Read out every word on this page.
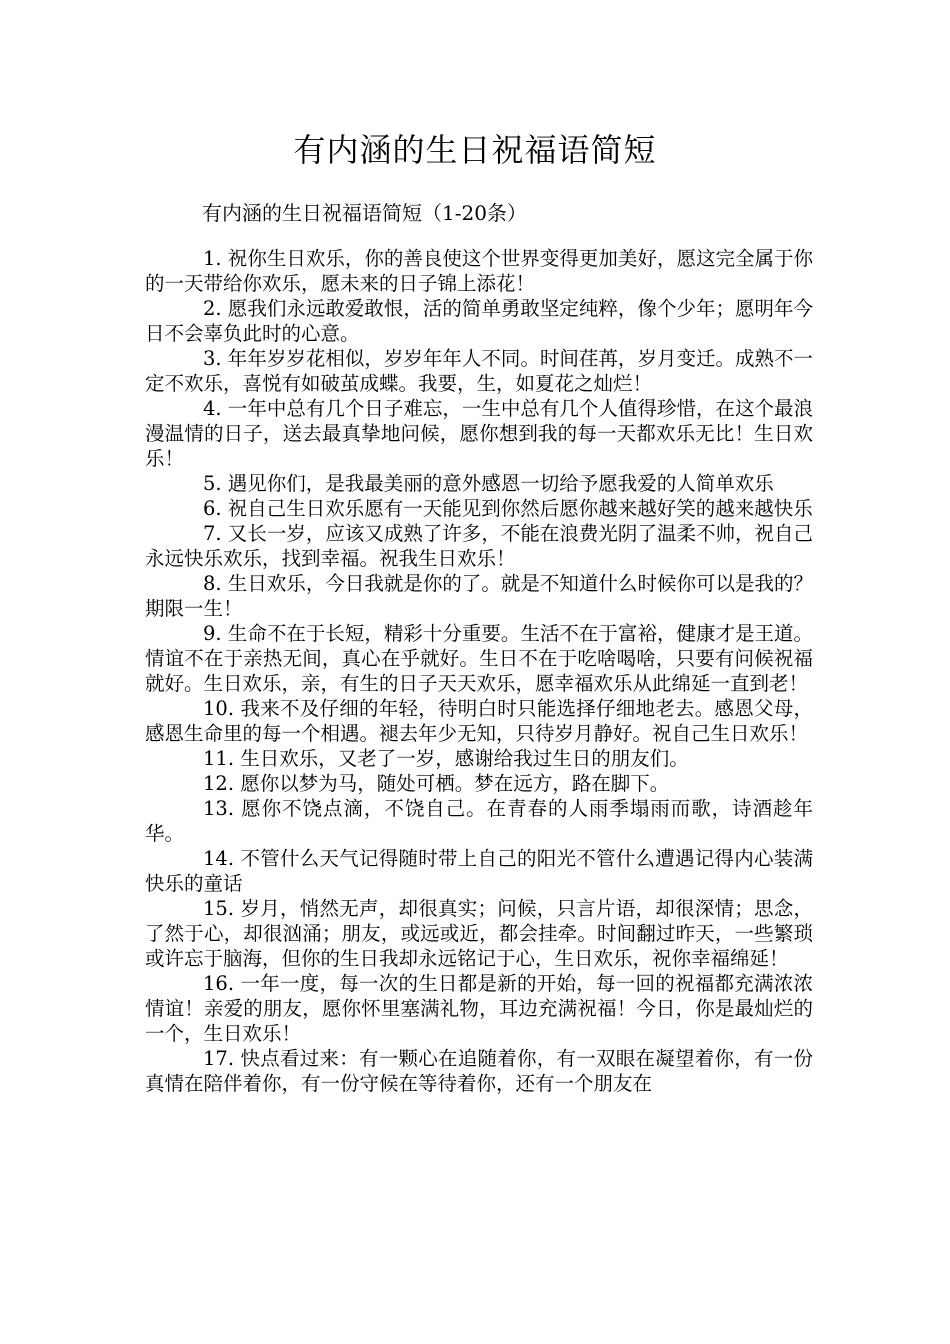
有内涵的生日祝福语简短

有内涵的生日祝福语简短（1-20条）

1. 祝你生日欢乐，你的善良使这个世界变得更加美好，愿这完全属于你的一天带给你欢乐，愿未来的日子锦上添花！

2. 愿我们永远敢爱敢恨，活的简单勇敢坚定纯粹，像个少年；愿明年今日不会辜负此时的心意。

3. 年年岁岁花相似，岁岁年年人不同。时间荏苒，岁月变迁。成熟不一定不欢乐，喜悦有如破茧成蝶。我要，生，如夏花之灿烂！

4. 一年中总有几个日子难忘，一生中总有几个人值得珍惜，在这个最浪漫温情的日子，送去最真挚地问候，愿你想到我的每一天都欢乐无比！生日欢乐！

5. 遇见你们，是我最美丽的意外感恩一切给予愿我爱的人简单欢乐

6. 祝自己生日欢乐愿有一天能见到你然后愿你越来越好笑的越来越快乐

7. 又长一岁，应该又成熟了许多，不能在浪费光阴了温柔不帅，祝自己永远快乐欢乐，找到幸福。祝我生日欢乐！

8. 生日欢乐，今日我就是你的了。就是不知道什么时候你可以是我的？期限一生！

9. 生命不在于长短，精彩十分重要。生活不在于富裕，健康才是王道。情谊不在于亲热无间，真心在乎就好。生日不在于吃啥喝啥，只要有问候祝福就好。生日欢乐，亲，有生的日子天天欢乐，愿幸福欢乐从此绵延一直到老！

10. 我来不及仔细的年轻，待明白时只能选择仔细地老去。感恩父母，感恩生命里的每一个相遇。褪去年少无知，只待岁月静好。祝自己生日欢乐！

11. 生日欢乐，又老了一岁，感谢给我过生日的朋友们。

12. 愿你以梦为马，随处可栖。梦在远方，路在脚下。

13. 愿你不饶点滴，不饶自己。在青春的人雨季塌雨而歌，诗酒趁年华。

14. 不管什么天气记得随时带上自己的阳光不管什么遭遇记得内心装满快乐的童话

15. 岁月，悄然无声，却很真实；问候，只言片语，却很深情；思念，了然于心，却很汹涌；朋友，或远或近，都会挂牵。时间翻过昨天，一些繁琐或许忘于脑海，但你的生日我却永远铭记于心，生日欢乐，祝你幸福绵延！

16. 一年一度，每一次的生日都是新的开始，每一回的祝福都充满浓浓情谊！亲爱的朋友，愿你怀里塞满礼物，耳边充满祝福！今日，你是最灿烂的一个，生日欢乐！

17. 快点看过来：有一颗心在追随着你，有一双眼在凝望着你，有一份真情在陪伴着你，有一份守候在等待着你，还有一个朋友在
